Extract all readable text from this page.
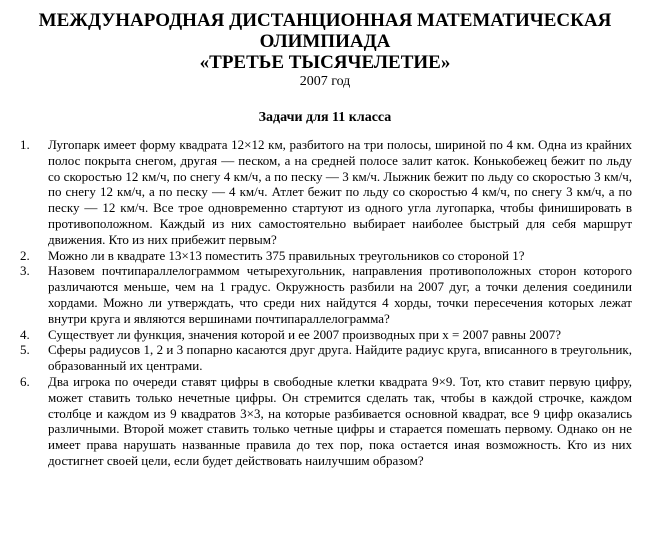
МЕЖДУНАРОДНАЯ ДИСТАНЦИОННАЯ МАТЕМАТИЧЕСКАЯ

ОЛИМПИАДА

«ТРЕТЬЕ ТЫСЯЧЕЛЕТИЕ»

2007 год

Задачи для 11 класса

1. Лугопарк имеет форму квадрата 12×12 км, разбитого на три полосы, шириной по 4 км. Одна из крайних полос покрыта снегом, другая — песком, а на средней полосе залит каток. Конькобежец бежит по льду со скоростью 12 км/ч, по снегу 4 км/ч, а по песку — 3 км/ч. Лыжник бежит по льду со скоростью 3 км/ч, по снегу 12 км/ч, а по песку — 4 км/ч. Атлет бежит по льду со скоростью 4 км/ч, по снегу 3 км/ч, а по песку — 12 км/ч. Все трое одновременно стартуют из одного угла лугопарка, чтобы финишировать в противоположном. Каждый из них самостоятельно выбирает наиболее быстрый для себя маршрут движения. Кто из них прибежит первым?
2. Можно ли в квадрате 13×13 поместить 375 правильных треугольников со стороной 1?
3. Назовем почтипараллелограммом четырехугольник, направления противоположных сторон которого различаются меньше, чем на 1 градус. Окружность разбили на 2007 дуг, а точки деления соединили хордами. Можно ли утверждать, что среди них найдутся 4 хорды, точки пересечения которых лежат внутри круга и являются вершинами почтипараллелограмма?
4. Существует ли функция, значения которой и ее 2007 производных при x = 2007 равны 2007?
5. Сферы радиусов 1, 2 и 3 попарно касаются друг друга. Найдите радиус круга, вписанного в треугольник, образованный их центрами.
6. Два игрока по очереди ставят цифры в свободные клетки квадрата 9×9. Тот, кто ставит первую цифру, может ставить только нечетные цифры. Он стремится сделать так, чтобы в каждой строчке, каждом столбце и каждом из 9 квадратов 3×3, на которые разбивается основной квадрат, все 9 цифр оказались различными. Второй может ставить только четные цифры и старается помешать первому. Однако он не имеет права нарушать названные правила до тех пор, пока остается иная возможность. Кто из них достигнет своей цели, если будет действовать наилучшим образом?
